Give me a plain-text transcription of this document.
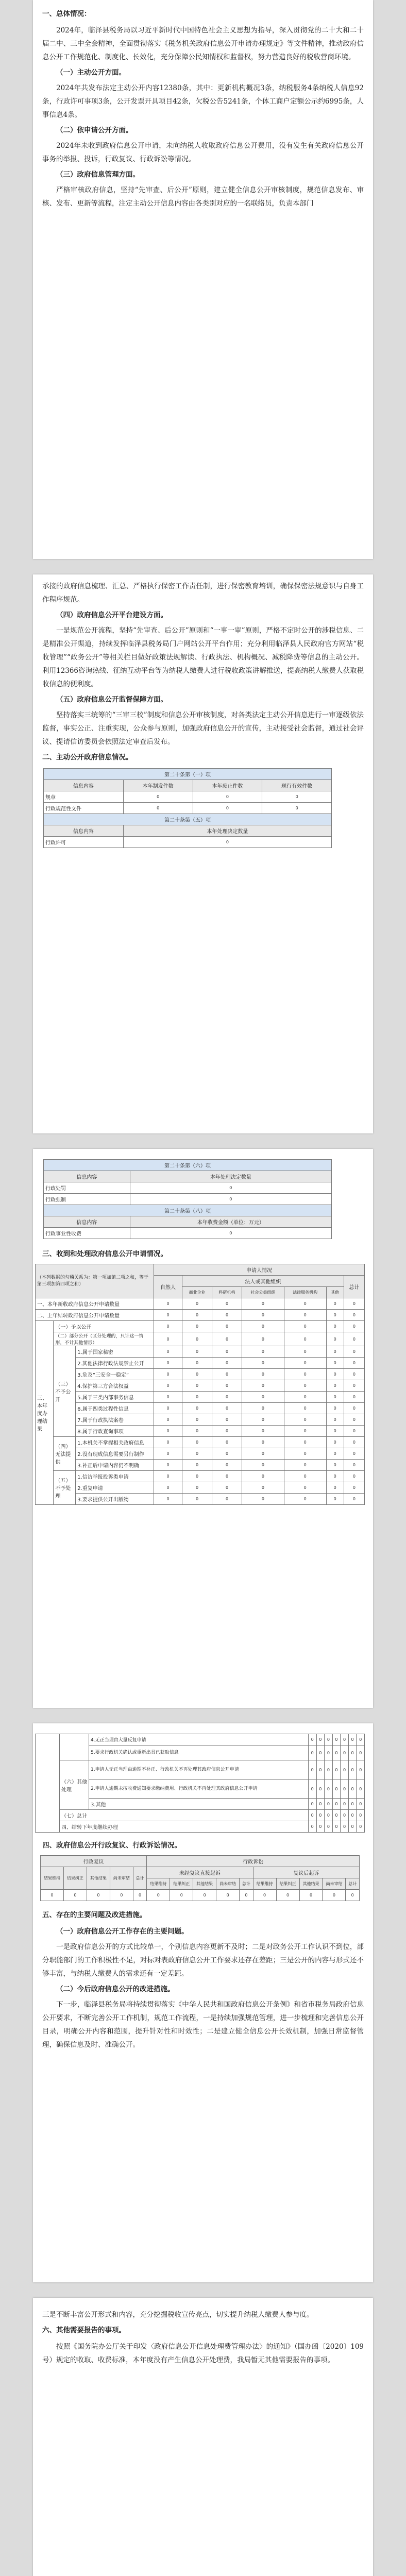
一、总体情况：

2024年，临泽县税务局以习近平新时代中国特色社会主义思想为指导，深入贯彻党的二十大和二十届二中、三中全会精神，全面贯彻落实《税务机关政府信息公开申请办理规定》等文件精神，推动政府信息公开工作规范化、制度化、长效化，充分保障公民知情权和监督权，努力营造良好的税收营商环境。

（一）主动公开方面。

2024年共发布法定主动公开内容12380条，其中：更新机构概况3条，纳税服务4条纳税人信息92条，行政许可事项3条，公开发票开具项目42条，欠税公告5241条，个体工商户定额公示约6995条，人事信息4条。

（二）依申请公开方面。

2024年未收到政府信息公开申请，未向纳税人收取政府信息公开费用，没有发生有关政府信息公开事务的举报、投诉，行政复议、行政诉讼等情况。

（三）政府信息管理方面。

严格审核政府信息，坚持“先审查、后公开”原则，建立健全信息公开审核制度，规范信息发布、审核、发布、更新等流程，注定主动公开信息内容由各类别对应的一名联络员，负责本部门

承接的政府信息梳理、汇总、严格执行保密工作责任制，进行保密教育培训，确保保密法规意识与自身工作程序规范。

（四）政府信息公开平台建设方面。

一是规范公开流程，坚持“先审查、后公开”原则和“一事一审”原则，严格不定时公开的涉税信息、二是精准公开渠道，持续发挥临泽县税务局门户网站公开平台作用；充分利用临泽县人民政府官方网站“税收管理”“政务公开”等相关栏目做好政策法规解读、行政执法、机构概况、减税降费等信息的主动公开。利用12366咨询热线、征纳互动平台等为纳税人缴费人进行税收政策讲解推送，提高纳税人缴费人获取税收信息的便利度。

（五）政府信息公开监督保障方面。

坚持落实三统筹的“三审三校”制度和信息公开审核制度，对各类法定主动公开信息进行一审逐级依法监督，事实公正、注重实现，公众参与原则，加强政府信息公开的宣传，主动接受社会监督，通过社会评议、提请信访委员会依照法定审查后发布。

二、主动公开政府信息情况。
第二十条第（一）项			
信息内容	本年制发件数	本年废止件数	现行有效件数
规章	0	0	0
行政规范性文件	0	0	0
第二十条第（五）项			
信息内容	本年处理决定数量		
行政许可	0		
第二十条第（六）项	
信息内容	本年处理决定数量
行政处罚	0
行政强制	0
第二十条第（八）项	
信息内容	本年收费金额（单位：万元）
行政事业性收费	0
三、收到和处理政府信息公开申请情况。
（本列数据的勾稽关系为：第一项加第二项之和，等于第三项加第四项之和）			申请人情况						
			自然人	法人或其他组织					总计
				商业企业	科研机构	社会公益组织	法律服务机构	其他	
一、本年新收政府信息公开申请数量			0	0	0	0	0	0	0
二、上年结转政府信息公开申请数量			0	0	0	0	0	0	0
三、本年度办理结果	（一）予以公开		0	0	0	0	0	0	0
	（二）部分公开（区分处理的，只计这一情形，不计其他情形）		0	0	0	0	0	0	0
	（三）不予公开	1.属于国家秘密	0	0	0	0	0	0	0
		2.其他法律行政法规禁止公开	0	0	0	0	0	0	0
		3.危及“三安全一稳定”	0	0	0	0	0	0	0
		4.保护第三方合法权益	0	0	0	0	0	0	0
		5.属于三类内部事务信息	0	0	0	0	0	0	0
		6.属于四类过程性信息	0	0	0	0	0	0	0
		7.属于行政执法案卷	0	0	0	0	0	0	0
		8.属于行政查询事项	0	0	0	0	0	0	0
	（四）无法提供	1.本机关不掌握相关政府信息	0	0	0	0	0	0	0
		2.没有现成信息需要另行制作	0	0	0	0	0	0	0
		3.补正后申请内容仍不明确	0	0	0	0	0	0	0
	（五）不予处理	1.信访举报投诉类申请	0	0	0	0	0	0	0
		2.重复申请	0	0	0	0	0	0	0
		3.要求提供公开出版物	0	0	0	0	0	0	0
		4.无正当理由大量反复申请	0	0	0	0	0	0	0
		5.要求行政机关确认或重新出具已获取信息	0	0	0	0	0	0	0
	（六）其他处理	1.申请人无正当理由逾期不补正、行政机关不再处理其政府信息公开申请	0	0	0	0	0	0	0
		2.申请人逾期未按收费通知要求缴纳费用、行政机关不再处理其政府信息公开申请	0	0	0	0	0	0	0
		3.其他	0	0	0	0	0	0	0
	（七）总计		0	0	0	0	0	0	0
	四、结转下年度继续办理		0	0	0	0	0	0	0
四、政府信息公开行政复议、行政诉讼情况。
行政复议					行政诉讼									
结果维持	结果纠正	其他结果	尚未审结	总计	未经复议直接起诉					复议后起诉				
					结果维持	结果纠正	其他结果	尚未审结	总计	结果维持	结果纠正	其他结果	尚未审结	总计
0	0	0	0	0	0	0	0	0	0	0	0	0	0	0
五、存在的主要问题及改进措施。
（一）政府信息公开工作存在的主要问题。

一是政府信息公开的方式比较单一，个别信息内容更新不及时；二是对政务公开工作认识不到位，部分职能部门的工作积极性不足，对标对表政府信息公开工作要求还存在差距；三是公开的内容与形式还不够丰富，与纳税人缴费人的需求还有一定差距。

（二）今后政府信息公开的改进措施。

下一步，临泽县税务局将持续贯彻落实《中华人民共和国政府信息公开条例》和省市税务局政府信息公开要求，不断完善公开工作机制，规范工作流程，一是持续加强规范管理，进一步梳理和完善信息公开目录，明确公开内容和范围，提升针对性和时效性；二是建立健全信息公开长效机制，加强日常监督管理，确保信息及时、准确公开。

三是不断丰富公开形式和内容，充分挖掘税收宣传亮点，切实提升纳税人缴费人参与度。

六、其他需要报告的事项。

按照《国务院办公厅关于印发〈政府信息公开信息处理费管理办法〉的通知》（国办函〔2020〕109号）规定的收取、收费标准，本年度没有产生信息公开处理费，我局暂无其他需要报告的事项。
